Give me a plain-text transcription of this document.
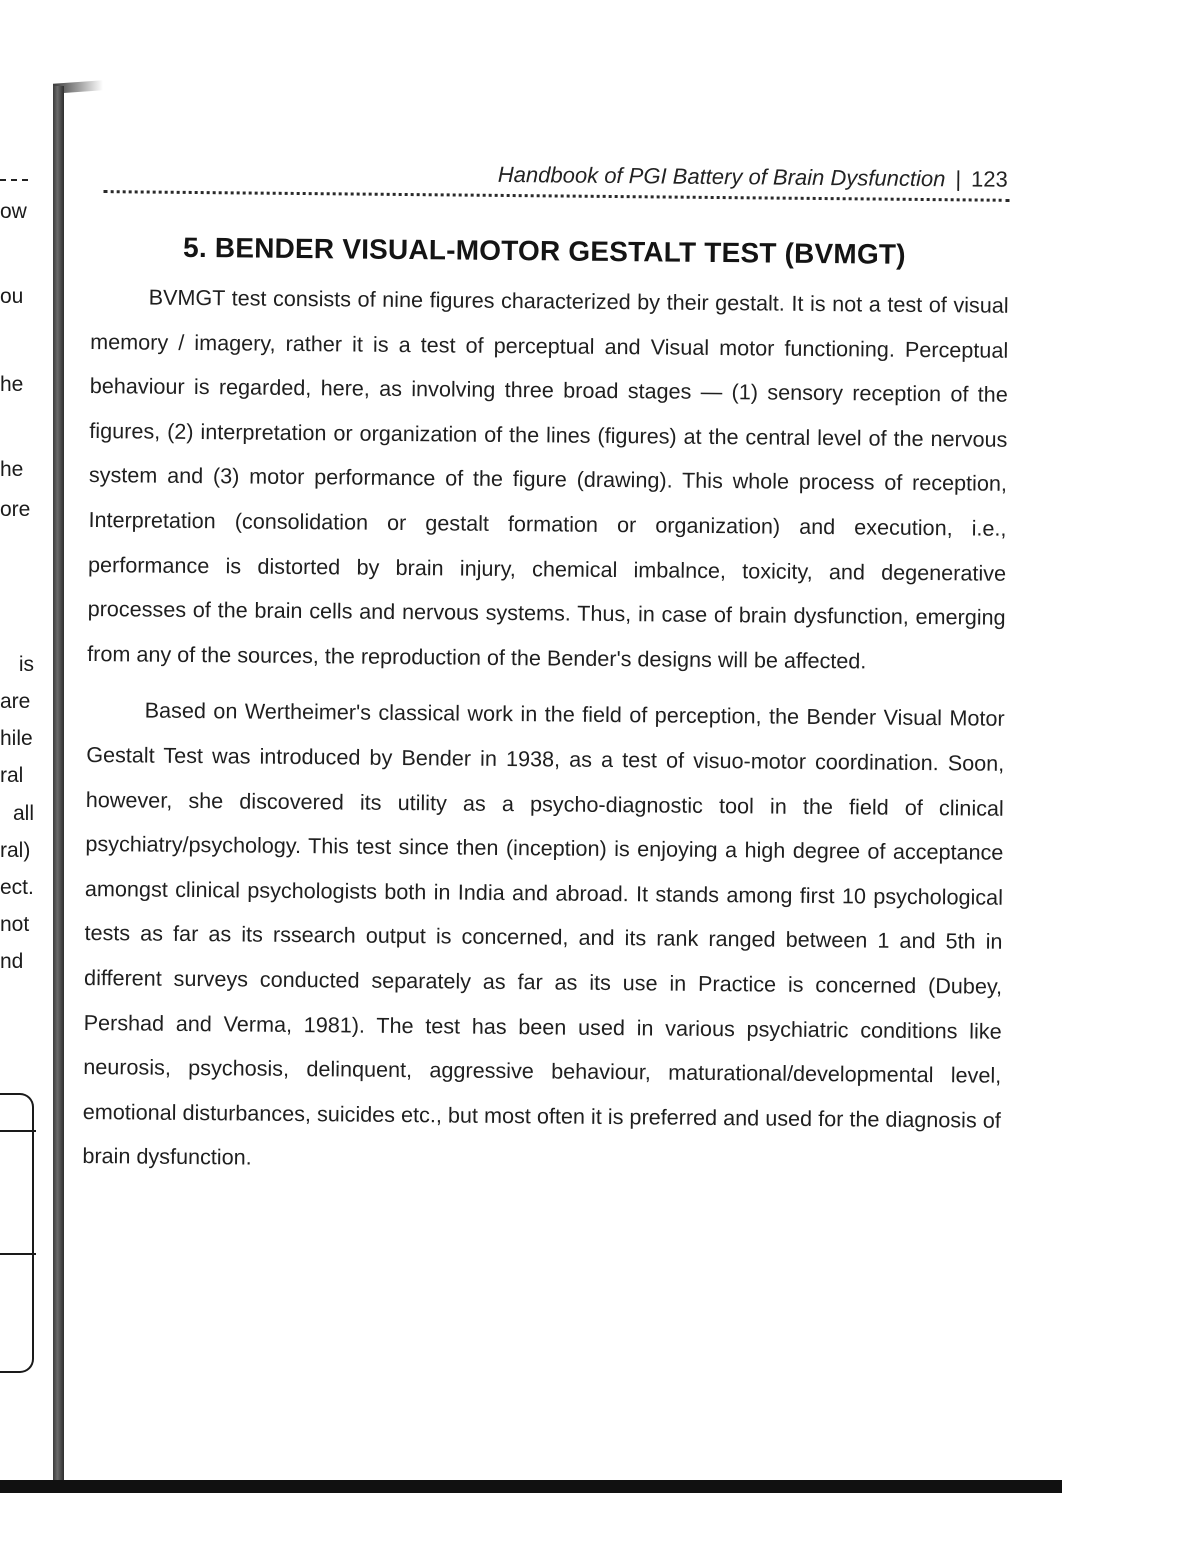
ow
ou
he
he
ore
is
are
hile
ral
all
ral)
ect.
not
nd
Handbook of PGI Battery of Brain Dysfunction | 123
5. BENDER VISUAL-MOTOR GESTALT TEST (BVMGT)

BVMGT test consists of nine figures characterized by their gestalt. It is not a test of visual memory / imagery, rather it is a test of perceptual and Visual motor functioning. Perceptual behaviour is regarded, here, as involving three broad stages — (1) sensory reception of the figures, (2) interpretation or organization of the lines (figures) at the central level of the nervous system and (3) motor performance of the figure (drawing). This whole process of reception, Interpretation (consolidation or gestalt formation or organization) and execution, i.e., performance is distorted by brain injury, chemical imbalnce, toxicity, and degenerative processes of the brain cells and nervous systems. Thus, in case of brain dysfunction, emerging from any of the sources, the reproduction of the Bender's designs will be affected.

Based on Wertheimer's classical work in the field of perception, the Bender Visual Motor Gestalt Test was introduced by Bender in 1938, as a test of visuo-motor coordination. Soon, however, she discovered its utility as a psycho-diagnostic tool in the field of clinical psychiatry/psychology. This test since then (inception) is enjoying a high degree of acceptance amongst clinical psychologists both in India and abroad. It stands among first 10 psychological tests as far as its rssearch output is concerned, and its rank ranged between 1 and 5th in different surveys conducted separately as far as its use in Practice is concerned (Dubey, Pershad and Verma, 1981). The test has been used in various psychiatric conditions like neurosis, psychosis, delinquent, aggressive behaviour, maturational/developmental level, emotional disturbances, suicides etc., but most often it is preferred and used for the diagnosis of brain dysfunction.
